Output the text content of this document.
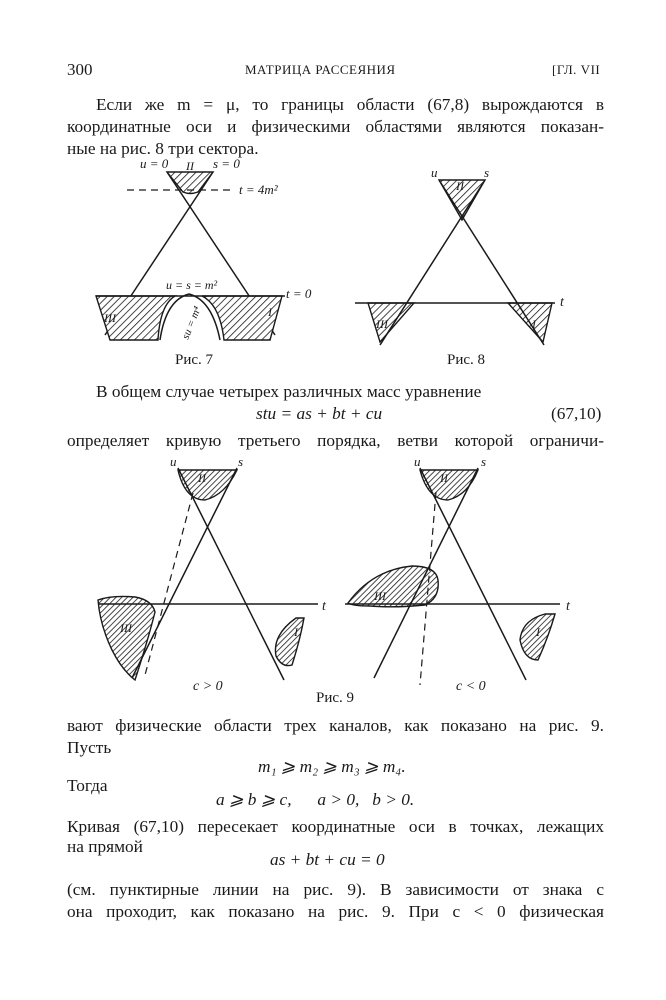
300	МАТРИЦА РАССЕЯНИЯ	[ГЛ. VII
Если же m = μ, то границы области (67,8) вырождаются в
координатные оси и физическими областями являются показан-
ные на рис. 8 три сектора.
u = 0 II s = 0
t = 4m²
u = s = m²
t = 0
III	I
su = m⁴
Рис. 7
u
II
s
t
III	I
Рис. 8
В общем случае четырех различных масс уравнение
stu = as + bt + cu	(67,10)
определяет кривую третьего порядка, ветви которой ограничи-
u
II
s
t
III	I
c > 0
u
II
s
t
III
I
c < 0
Рис. 9
вают физические области трех каналов, как показано на рис. 9.
Пусть
m₁ ⩾ m₂ ⩾ m₃ ⩾ m₄.
Тогда
a ⩾ b ⩾ c,      a > 0,   b > 0.
Кривая (67,10) пересекает координатные оси в точках, лежащих
на прямой
as + bt + cu = 0
(см. пунктирные линии на рис. 9). В зависимости от знака c
она проходит, как показано на рис. 9. При c < 0 физическая
